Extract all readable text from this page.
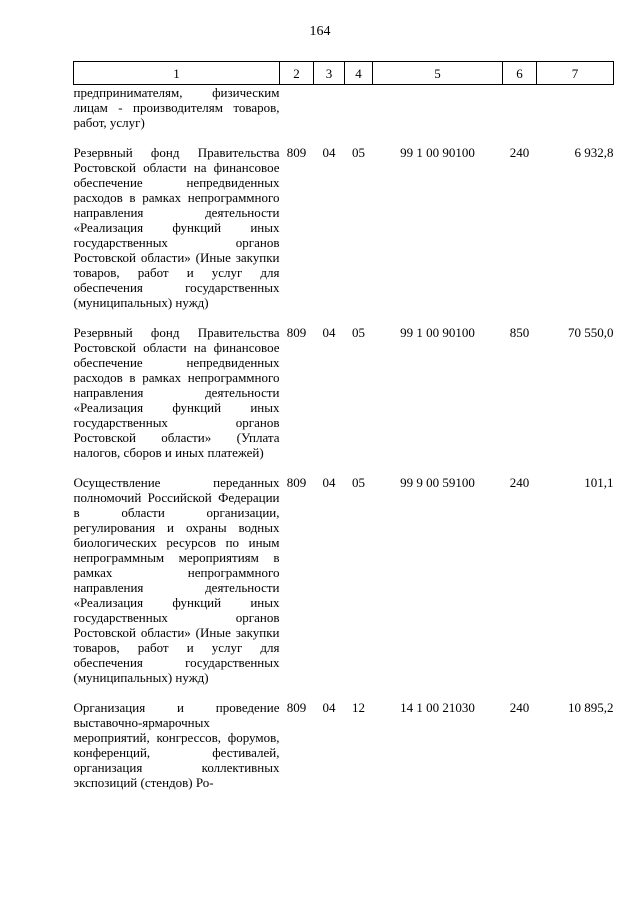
164
1	2	3	4	5	6	7
предпринимателям, физическим лицам - производителям товаров, работ, услуг)						
Резервный фонд Правительства Ростовской области на финансовое обеспечение непредвиденных расходов в рамках непрограммного направления деятельности «Реализация функций иных государственных органов Ростовской области» (Иные закупки товаров, работ и услуг для обеспечения государственных (муниципальных) нужд)	809	04	05	99 1 00 90100	240	6 932,8
Резервный фонд Правительства Ростовской области на финансовое обеспечение непредвиденных расходов в рамках непрограммного направления деятельности «Реализация функций иных государственных органов Ростовской области» (Уплата налогов, сборов и иных платежей)	809	04	05	99 1 00 90100	850	70 550,0
Осуществление переданных полномочий Российской Федерации в области организации, регулирования и охраны водных биологических ресурсов по иным непрограммным мероприятиям в рамках непрограммного направления деятельности «Реализация функций иных государственных органов Ростовской области» (Иные закупки товаров, работ и услуг для обеспечения государственных (муниципальных) нужд)	809	04	05	99 9 00 59100	240	101,1
Организация и проведение выставочно-ярмарочных мероприятий, конгрессов, форумов, конференций, фестивалей, организация коллективных экспозиций (стендов) Ро-	809	04	12	14 1 00 21030	240	10 895,2
